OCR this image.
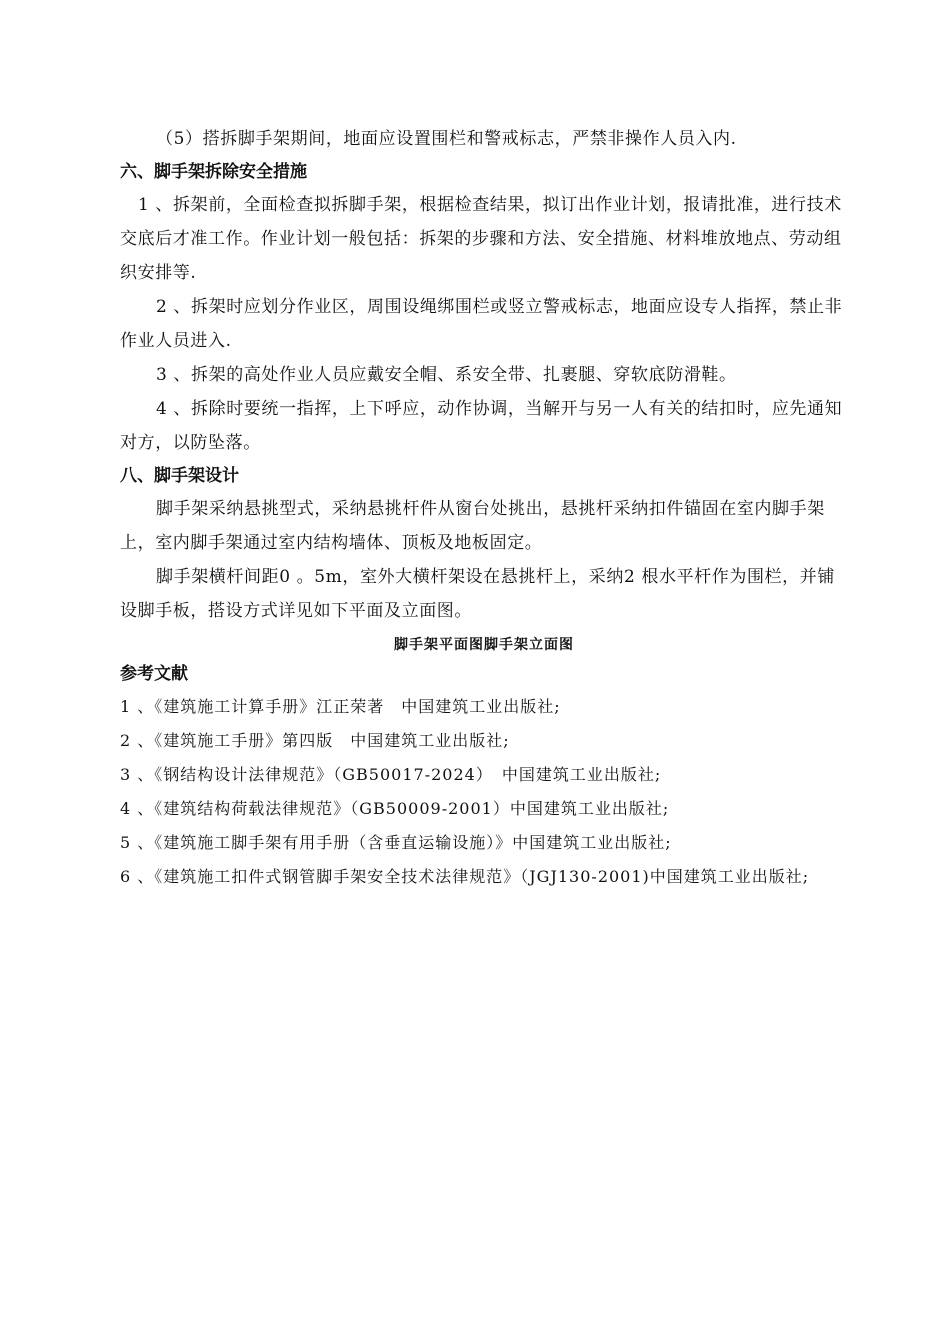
（5）搭拆脚手架期间，地面应设置围栏和警戒标志，严禁非操作人员入内.

六、脚手架拆除安全措施

1 、拆架前，全面检查拟拆脚手架，根据检查结果，拟订出作业计划，报请批准，进行技术交底后才准工作。作业计划一般包括：拆架的步骤和方法、安全措施、材料堆放地点、劳动组织安排等.

2 、拆架时应划分作业区，周围设绳绑围栏或竖立警戒标志，地面应设专人指挥，禁止非作业人员进入.

3 、拆架的高处作业人员应戴安全帽、系安全带、扎裹腿、穿软底防滑鞋。

4 、拆除时要统一指挥，上下呼应，动作协调，当解开与另一人有关的结扣时，应先通知对方，以防坠落。

八、脚手架设计

脚手架采纳悬挑型式，采纳悬挑杆件从窗台处挑出，悬挑杆采纳扣件锚固在室内脚手架上，室内脚手架通过室内结构墙体、顶板及地板固定。

脚手架横杆间距0 。5m，室外大横杆架设在悬挑杆上，采纳2 根水平杆作为围栏，并铺设脚手板，搭设方式详见如下平面及立面图。

脚手架平面图脚手架立面图
参考文献

1 、《建筑施工计算手册》江正荣著　中国建筑工业出版社;

2 、《建筑施工手册》第四版　中国建筑工业出版社;

3 、《钢结构设计法律规范》（GB50017-2024）　中国建筑工业出版社;

4 、《建筑结构荷载法律规范》（GB50009-2001）中国建筑工业出版社;

5 、《建筑施工脚手架有用手册（含垂直运输设施）》中国建筑工业出版社;

6 、《建筑施工扣件式钢管脚手架安全技术法律规范》（JGJ130-2001)中国建筑工业出版社;
